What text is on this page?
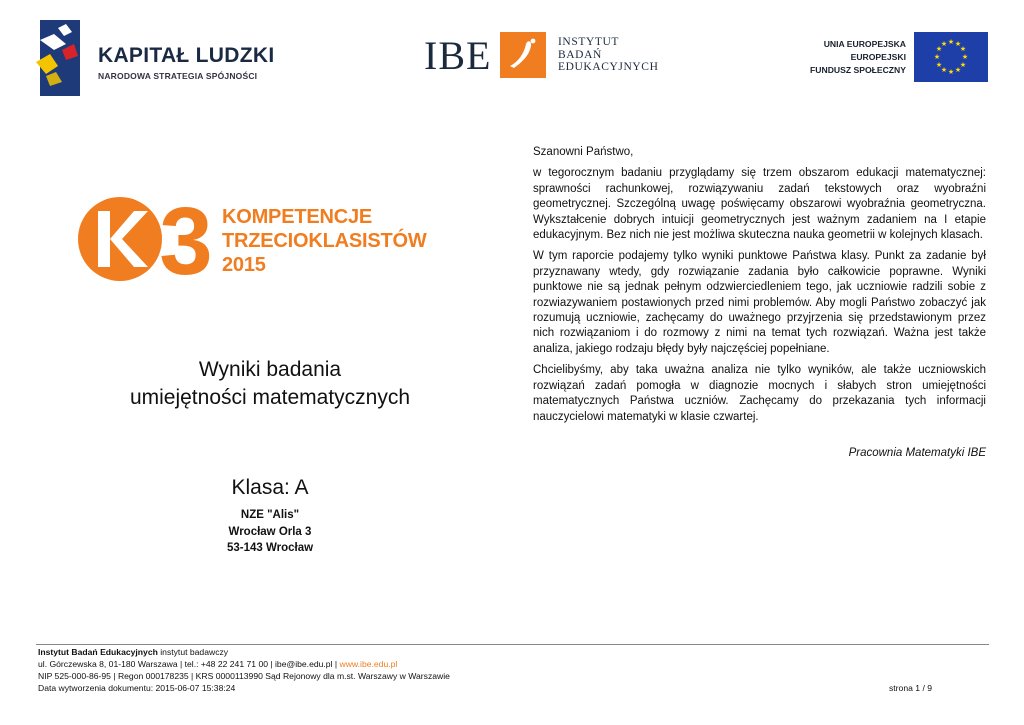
KAPITAŁ LUDZKI
NARODOWA STRATEGIA SPÓJNOŚCI	IBE	INSTYTUT
BADAŃ
EDUKACYJNYCH
UNIA EUROPEJSKA
EUROPEJSKI
FUNDUSZ SPOŁECZNY
★ ★
★
★
★
★
★
★
★
★
★
★
3 KOMPETENCJE
TRZECIOKLASISTÓW
2015
Wyniki badania
umiejętności matematycznych
Klasa: A
NZE "Alis"
Wrocław Orla 3
53-143 Wrocław
Szanowni Państwo,

w tegorocznym badaniu przyglądamy się trzem obszarom edukacji matematycznej: sprawności rachunkowej, rozwiązywaniu zadań tekstowych oraz wyobraźni geometrycznej. Szczególną uwagę poświęcamy obszarowi wyobraźnia geometryczna. Wykształcenie dobrych intuicji geometrycznych jest ważnym zadaniem na I etapie edukacyjnym. Bez nich nie jest możliwa skuteczna nauka geometrii w kolejnych klasach.

W tym raporcie podajemy tylko wyniki punktowe Państwa klasy. Punkt za zadanie był przyznawany wtedy, gdy rozwiązanie zadania było całkowicie poprawne. Wyniki punktowe nie są jednak pełnym odzwierciedleniem tego, jak uczniowie radzili sobie z rozwiazywaniem postawionych przed nimi problemów. Aby mogli Państwo zobaczyć jak rozumują uczniowie, zachęcamy do uważnego przyjrzenia się przedstawionym przez nich rozwiązaniom i do rozmowy z nimi na temat tych rozwiązań. Ważna jest także analiza, jakiego rodzaju błędy były najczęściej popełniane.

Chcielibyśmy, aby taka uważna analiza nie tylko wyników, ale także uczniowskich rozwiązań zadań pomogła w diagnozie mocnych i słabych stron umiejętności matematycznych Państwa uczniów. Zachęcamy do przekazania tych informacji nauczycielowi matematyki w klasie czwartej.

Pracownia Matematyki IBE
Instytut Badań Edukacyjnych instytut badawczy
ul. Górczewska 8, 01-180 Warszawa | tel.: +48 22 241 71 00 | ibe@ibe.edu.pl | www.ibe.edu.pl
NIP 525-000-86-95 | Regon 000178235 | KRS 0000113990 Sąd Rejonowy dla m.st. Warszawy w Warszawie
Data wytworzenia dokumentu: 2015-06-07 15:38:24	strona 1 / 9
